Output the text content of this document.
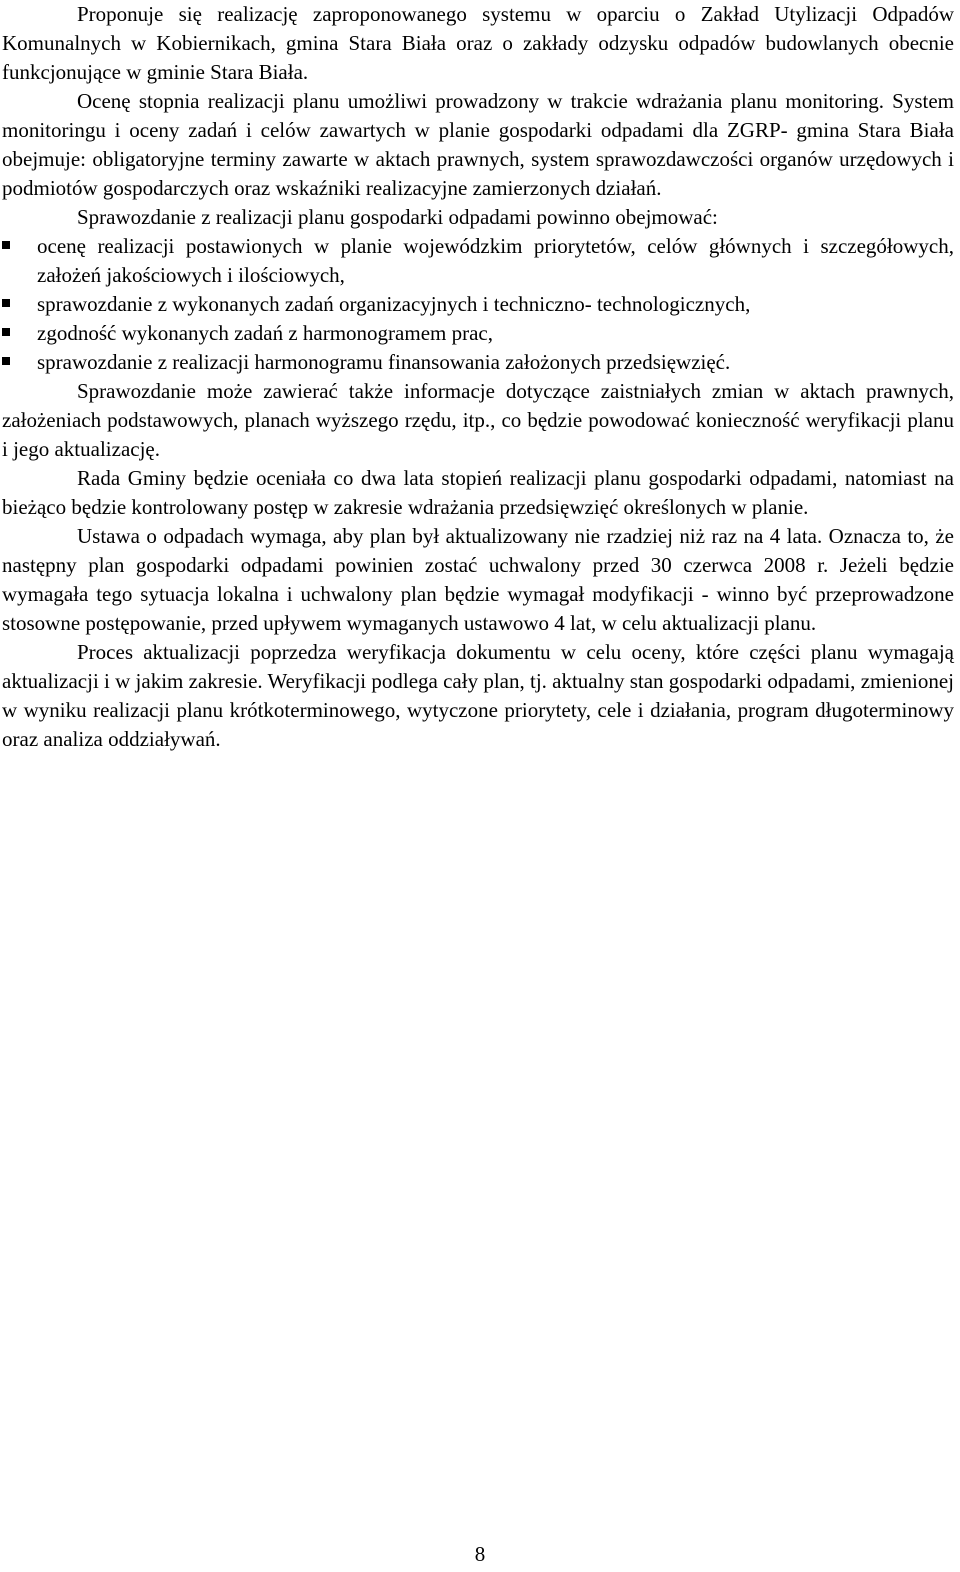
Proponuje się realizację zaproponowanego systemu w oparciu o Zakład Utylizacji Odpadów Komunalnych w Kobiernikach, gmina Stara Biała oraz o zakłady odzysku odpadów budowlanych obecnie funkcjonujące w gminie Stara Biała.

Ocenę stopnia realizacji planu umożliwi prowadzony w trakcie wdrażania planu monitoring. System monitoringu i oceny zadań i celów zawartych w planie gospodarki odpadami dla ZGRP- gmina Stara Biała obejmuje: obligatoryjne terminy zawarte w aktach prawnych, system sprawozdawczości organów urzędowych i podmiotów gospodarczych oraz wskaźniki realizacyjne zamierzonych działań.

Sprawozdanie z realizacji planu gospodarki odpadami powinno obejmować:

ocenę realizacji postawionych w planie wojewódzkim priorytetów, celów głównych i szczegółowych, założeń jakościowych i ilościowych,
sprawozdanie z wykonanych zadań organizacyjnych i techniczno- technologicznych,
zgodność wykonanych zadań z harmonogramem prac,
sprawozdanie z realizacji harmonogramu finansowania założonych przedsięwzięć.

Sprawozdanie może zawierać także informacje dotyczące zaistniałych zmian w aktach prawnych, założeniach podstawowych, planach wyższego rzędu, itp., co będzie powodować konieczność weryfikacji planu i jego aktualizację.

Rada Gminy będzie oceniała co dwa lata stopień realizacji planu gospodarki odpadami, natomiast na bieżąco będzie kontrolowany postęp w zakresie wdrażania przedsięwzięć określonych w planie.

Ustawa o odpadach wymaga, aby plan był aktualizowany nie rzadziej niż raz na 4 lata. Oznacza to, że następny plan gospodarki odpadami powinien zostać uchwalony przed 30 czerwca 2008 r. Jeżeli będzie wymagała tego sytuacja lokalna i uchwalony plan będzie wymagał modyfikacji - winno być przeprowadzone stosowne postępowanie, przed upływem wymaganych ustawowo 4 lat, w celu aktualizacji planu.

Proces aktualizacji poprzedza weryfikacja dokumentu w celu oceny, które części planu wymagają aktualizacji i w jakim zakresie. Weryfikacji podlega cały plan, tj. aktualny stan gospodarki odpadami, zmienionej w wyniku realizacji planu krótkoterminowego, wytyczone priorytety, cele i działania, program długoterminowy oraz analiza oddziaływań.

8
